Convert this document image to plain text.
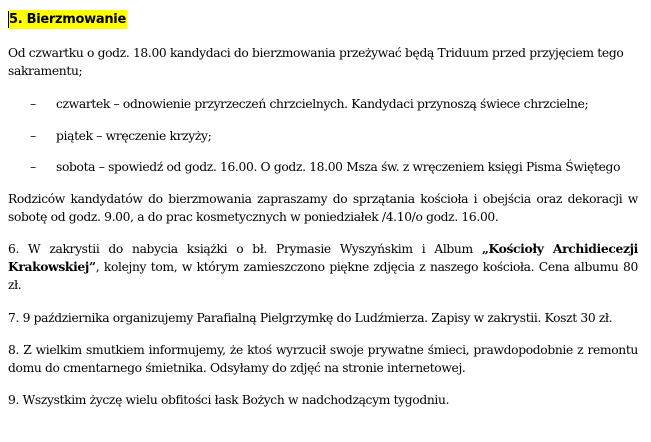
5. Bierzmowanie

Od czwartku o godz. 18.00 kandydaci do bierzmowania przeżywać będą Triduum przed przyjęciem tego sakramentu;

– czwartek – odnowienie przyrzeczeń chrzcielnych. Kandydaci przynoszą świece chrzcielne;
– piątek – wręczenie krzyży;
– sobota – spowiedź od godz. 16.00. O godz. 18.00 Msza św. z wręczeniem księgi Pisma Świętego

Rodziców kandydatów do bierzmowania zapraszamy do sprzątania kościoła i obejścia oraz dekoracji w sobotę od godz. 9.00, a do prac kosmetycznych w poniedziałek /4.10/o godz. 16.00.

6. W zakrystii do nabycia książki o bł. Prymasie Wyszyńskim i Album „Kościoły Archidiecezji Krakowskiej”, kolejny tom, w którym zamieszczono piękne zdjęcia z naszego kościoła. Cena albumu 80 zł.

7. 9 października organizujemy Parafialną Pielgrzymkę do Ludźmierza. Zapisy w zakrystii. Koszt 30 zł.

8. Z wielkim smutkiem informujemy, że ktoś wyrzucił swoje prywatne śmieci, prawdopodobnie z remontu domu do cmentarnego śmietnika. Odsyłamy do zdjęć na stronie internetowej.

9. Wszystkim życzę wielu obfitości łask Bożych w nadchodzącym tygodniu.
